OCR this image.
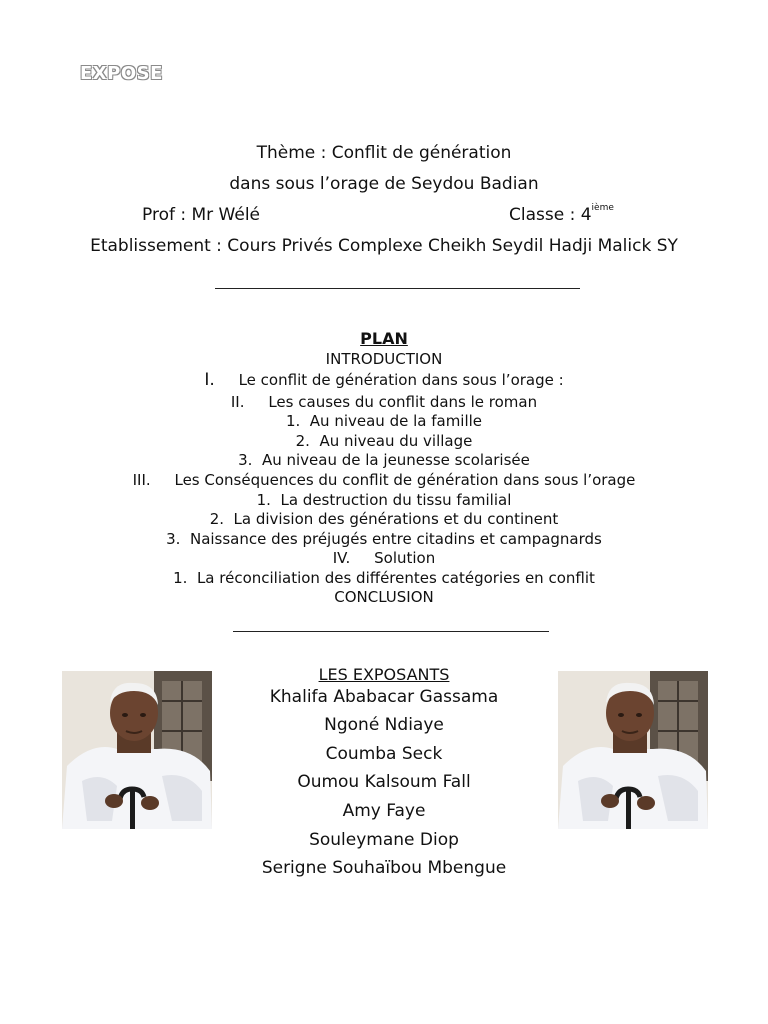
EXPOSE
Thème : Conflit de génération
dans sous l’orage de Seydou Badian
Prof : Mr Wélé	Classe : 4ième
Etablissement : Cours Privés Complexe Cheikh Seydil Hadji Malick SY
PLAN
INTRODUCTION
I. Le conflit de génération dans sous l’orage :
II. Les causes du conflit dans le roman
1. Au niveau de la famille
2. Au niveau du village
3. Au niveau de la jeunesse scolarisée
III. Les Conséquences du conflit de génération dans sous l’orage
1. La destruction du tissu familial
2. La division des générations et du continent
3. Naissance des préjugés entre citadins et campagnards
IV. Solution
1. La réconciliation des différentes catégories en conflit
CONCLUSION
LES EXPOSANTS
Khalifa Ababacar Gassama
Ngoné Ndiaye
Coumba Seck
Oumou Kalsoum Fall
Amy Faye
Souleymane Diop
Serigne Souhaïbou Mbengue
